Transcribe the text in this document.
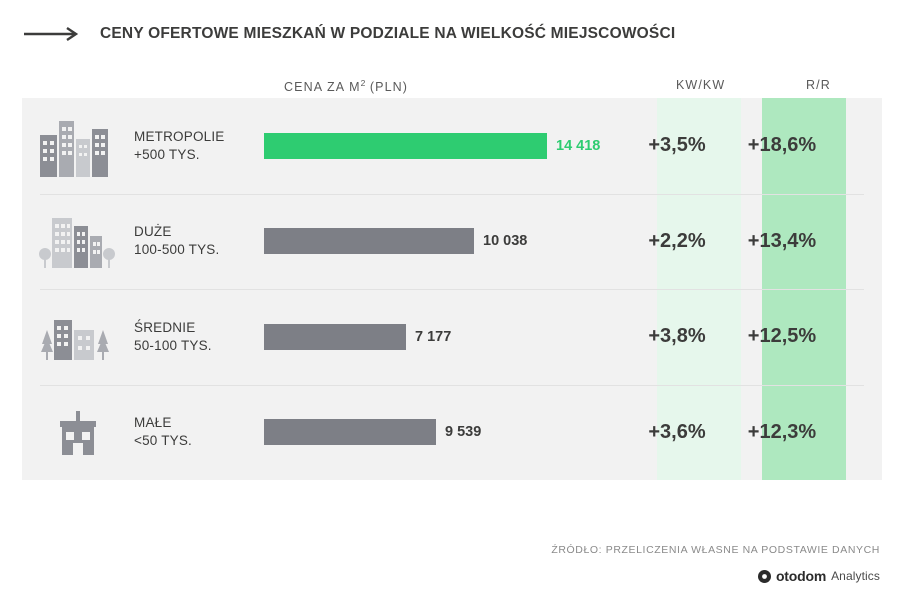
CENY OFERTOWE MIESZKAŃ W PODZIALE NA WIELKOŚĆ MIEJSCOWOŚCI
CENA ZA $M^2$ (PLN)	KW/KW	R/R
METROPOLIE
+500 TYS.
14 418	+3,5%	+18,6%
DUŻE
100-500 TYS.
10 038	+2,2%	+13,4%
ŚREDNIE
50-100 TYS.
7 177	+3,8%	+12,5%
MAŁE
<50 TYS.
9 539	+3,6%	+12,3%
ŹRÓDŁO: PRZELICZENIA WŁASNE NA PODSTAWIE DANYCH
otodom Analytics
